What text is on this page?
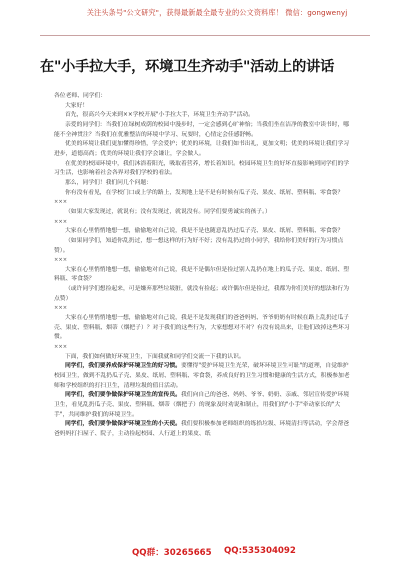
关注头条号"公文研究"，获得最新最全最专业的公文资料库！ 微信：gongwenyj
在"小手拉大手，环境卫生齐动手"活动上的讲话

各位老师、同学们：

大家好！

首先，很高兴今天来到××学校开展"小手拉大手，环境卫生齐动手"活动。

亲爱的同学们：当我们在绿树成荫的校园中漫步时，一定会感到心旷神怡；当我们坐在洁净的教室中读书时，哪能不全神贯注？当我们在优雅整洁的环境中学习、玩耍时，心情定会佳感舒畅。

优美的环境让我们更加懂得珍惜，学会爱护；优美的环境，让我们如书出礼，更加文明；优美的环境让我们学习进步，道德高尚；优美的环境让我们学会谦让，学会做人。

在优美的校园环境中，我们沐浴着阳光，吸取着营养，增长着知识。校园环境卫生的好坏直接影响到同学们的学习生活，也影响着社会各界对我们学校的看法。

那么，同学们！我们问几个问题：

你有没有看见，在学校门口或上学的路上，发现地上是不是有时候有瓜子壳、果皮、纸屑、塑料瓶、零食袋？

×××

（如果大家发现过，就说有；没有发现过，就说没有。同学们要勇诚实的孩子。）

×××

大家在心里悄悄地想一想，偷偷地对自己说，我是不是也随意乱扔过瓜子壳、果皮、纸屑、塑料瓶、零食袋？

（如果同学们，知道你乱扔过，想一想这样的行为好不好；没有乱扔过的小同学，我给你们美好的行为习惯点赞）。

×××

大家在心里悄悄地想一想，偷偷地对自己说，我是不是偶尔但是捡过别人乱扔在地上的瓜子壳、果皮、纸屑、塑料瓶、零食袋？

（或许同学们想捡起来，可是嫌弃那些垃圾脏，就没有捡起；或许偶尔但是捡过，我都为你们美好的想法和行为点赞）

×××

大家在心里悄悄地想一想，偷偷地对自己说，我是不是发现我们的爸爸妈妈、爷爷奶奶有时候在路上乱扔过瓜子壳、果皮、塑料瓶、烟蒂（烟把子）？对于我们的这些行为，大家想想对不对？有没有说出来，让他们改掉这些坏习惯。

×××

下面，我们如何做好环境卫生，下面我就和同学们交流一下我的认识。

同学们，我们要养成保护环境卫生的好习惯。要懂得"爱护环境卫生光荣，破坏环境卫生可耻"的道理，自觉维护校园卫生，做到不乱扔瓜子壳、果皮、纸屑、塑料瓶、零食袋，养成良好的卫生习惯和健康的生活方式，积极参加老师和学校组织的打扫卫生，清理垃圾的值日活动。

同学们，我们要争做保护环境卫生的宣传员。我们向自己的爸爸、妈妈、爷爷、奶奶、亲戚、邻居宣传爱护环境卫生，看见乱扔瓜子壳、果皮、塑料瓶、烟蒂（烟把子）的现象及时劝说和制止，用我们的"小手"牵动家长的"大手"，共同维护我们的环境卫生。

同学们，我们要争做保护环境卫生的小天使。我们要积极参加老师组织的练拾垃圾、环境清扫等活动，学会帮爸爸妈妈打扫屋子、院子，主动捡起校园、人行道上的果皮、纸

QQ群：30265665 QQ:535304092
